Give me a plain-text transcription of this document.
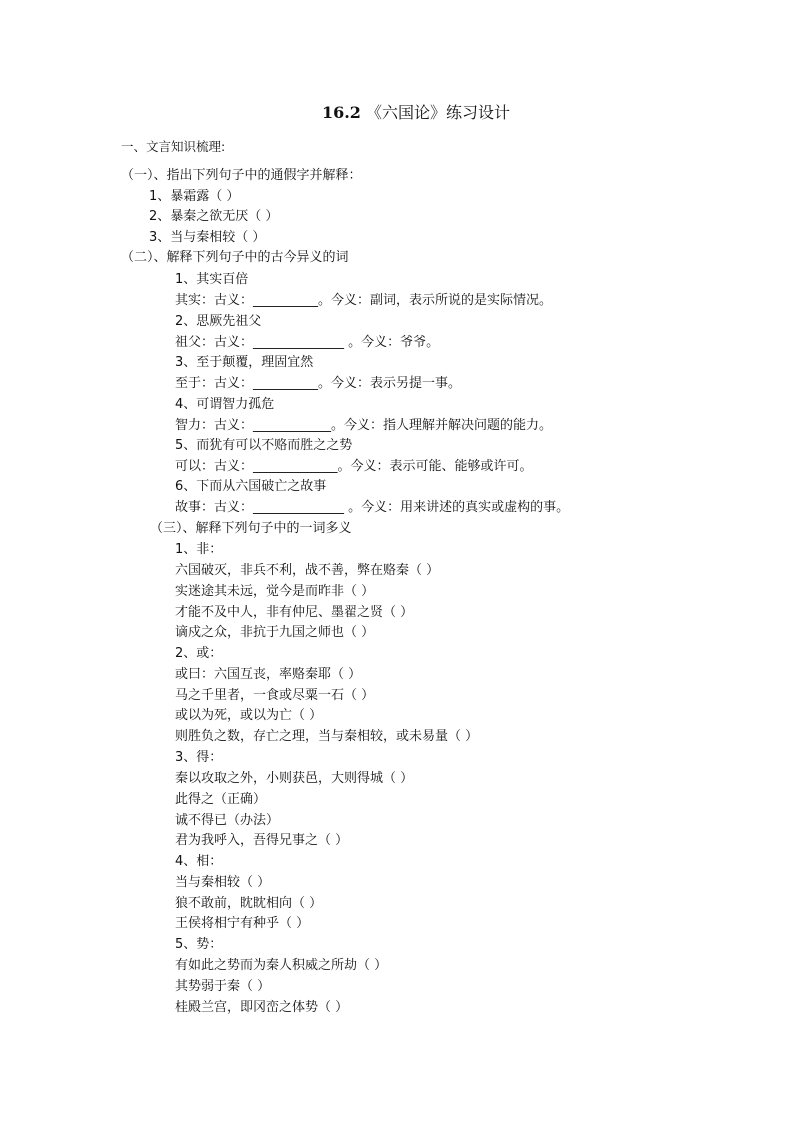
16.2 《六国论》练习设计
一、文言知识梳理:
（一）、指出下列句子中的通假字并解释：
1、暴霜露（ ）
2、暴秦之欲无厌（ ）
3、当与秦相较（ ）
（二）、解释下列句子中的古今异义的词
1、其实百倍
其实：古义：__________。今义：副词，表示所说的是实际情况。
2、思厥先祖父
祖父：古义：______________ 。今义：爷爷。
3、至于颠覆，理固宜然
至于：古义：__________。今义：表示另提一事。
4、可谓智力孤危
智力：古义：____________。今义：指人理解并解决问题的能力。
5、而犹有可以不赂而胜之之势
可以：古义：_____________。今义：表示可能、能够或许可。
6、下而从六国破亡之故事
故事：古义：______________ 。今义：用来讲述的真实或虚构的事。
（三）、解释下列句子中的一词多义
1、非：
六国破灭，非兵不利，战不善，弊在赂秦（ ）
实迷途其未远，觉今是而昨非（ ）
才能不及中人，非有仲尼、墨翟之贤（ ）
谪戍之众，非抗于九国之师也（ ）
2、或：
或曰：六国互丧，率赂秦耶（ ）
马之千里者，一食或尽粟一石（ ）
或以为死，或以为亡（ ）
则胜负之数，存亡之理，当与秦相较，或未易量（ ）
3、得：
秦以攻取之外，小则获邑，大则得城（ ）
此得之（正确）
诚不得已（办法）
君为我呼入，吾得兄事之（ ）
4、相：
当与秦相较（ ）
狼不敢前，眈眈相向（ ）
王侯将相宁有种乎（ ）
5、势：
有如此之势而为秦人积威之所劫（ ）
其势弱于秦（ ）
桂殿兰宫，即冈峦之体势（ ）
